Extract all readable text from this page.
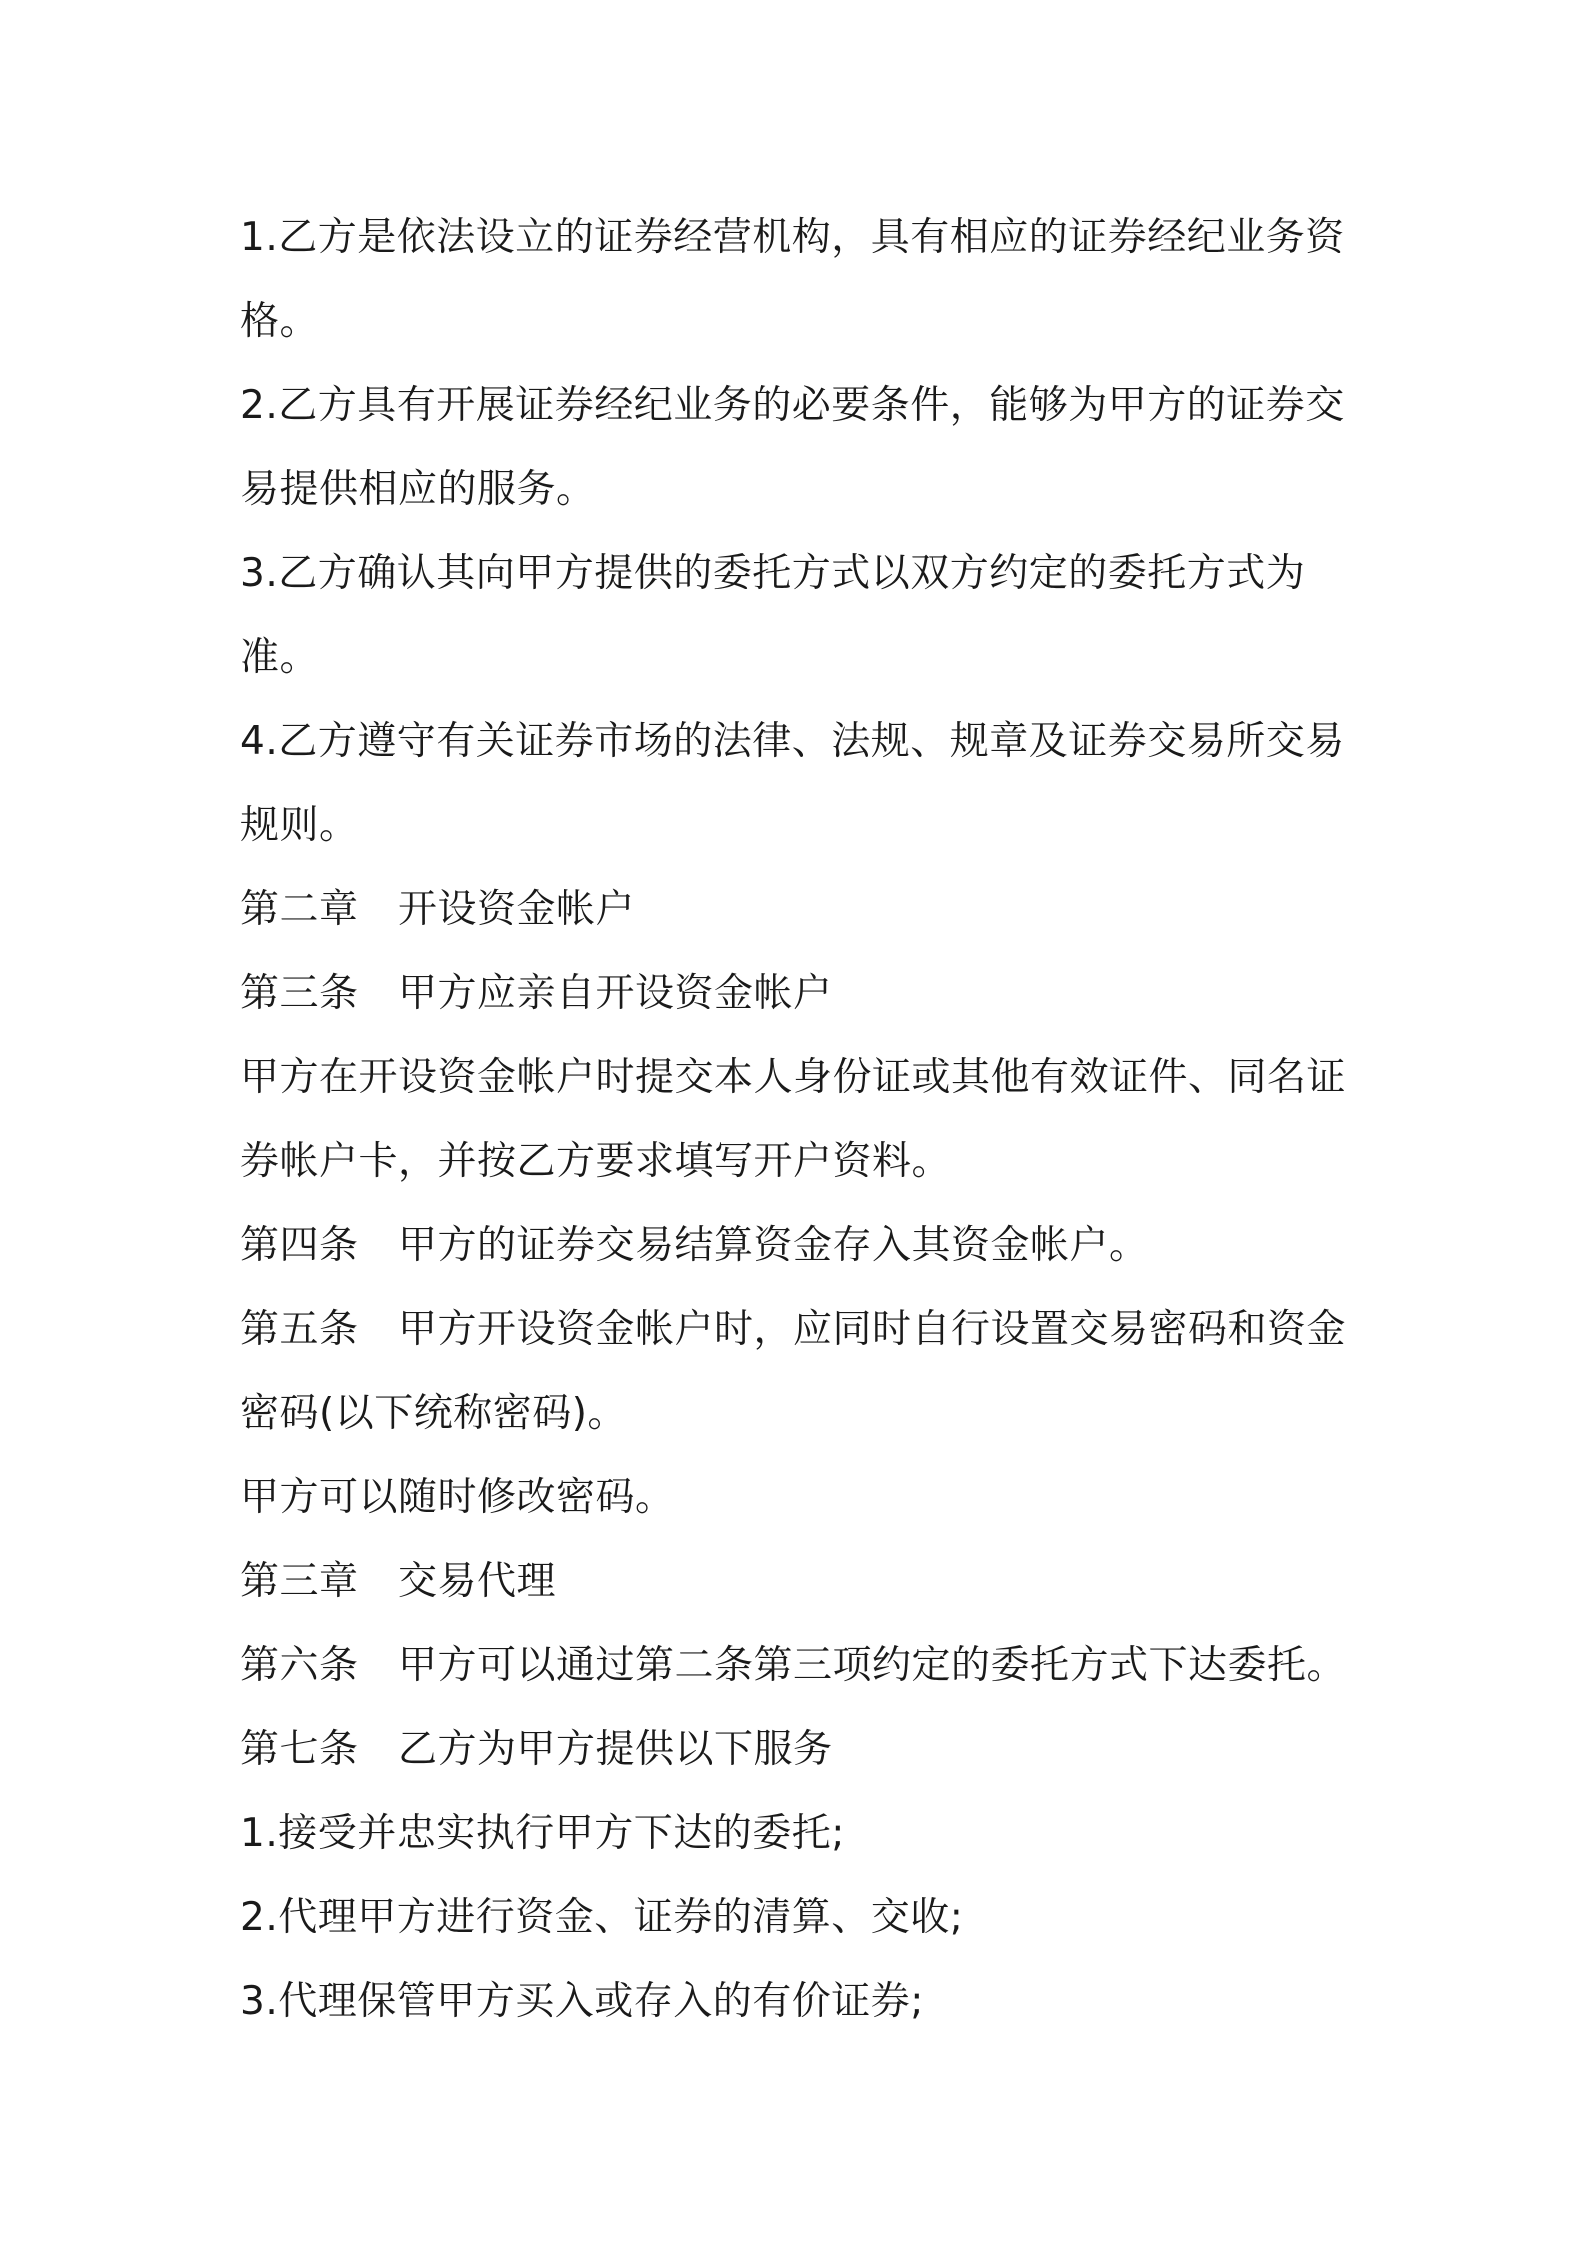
1.乙方是依法设立的证券经营机构，具有相应的证券经纪业务资
格。
2.乙方具有开展证券经纪业务的必要条件，能够为甲方的证券交
易提供相应的服务。
3.乙方确认其向甲方提供的委托方式以双方约定的委托方式为
准。
4.乙方遵守有关证券市场的法律、法规、规章及证券交易所交易
规则。
第二章　开设资金帐户
第三条　甲方应亲自开设资金帐户
甲方在开设资金帐户时提交本人身份证或其他有效证件、同名证
券帐户卡，并按乙方要求填写开户资料。
第四条　甲方的证券交易结算资金存入其资金帐户。
第五条　甲方开设资金帐户时，应同时自行设置交易密码和资金
密码(以下统称密码)。
甲方可以随时修改密码。
第三章　交易代理
第六条　甲方可以通过第二条第三项约定的委托方式下达委托。
第七条　乙方为甲方提供以下服务
1.接受并忠实执行甲方下达的委托;
2.代理甲方进行资金、证券的清算、交收;
3.代理保管甲方买入或存入的有价证券;
